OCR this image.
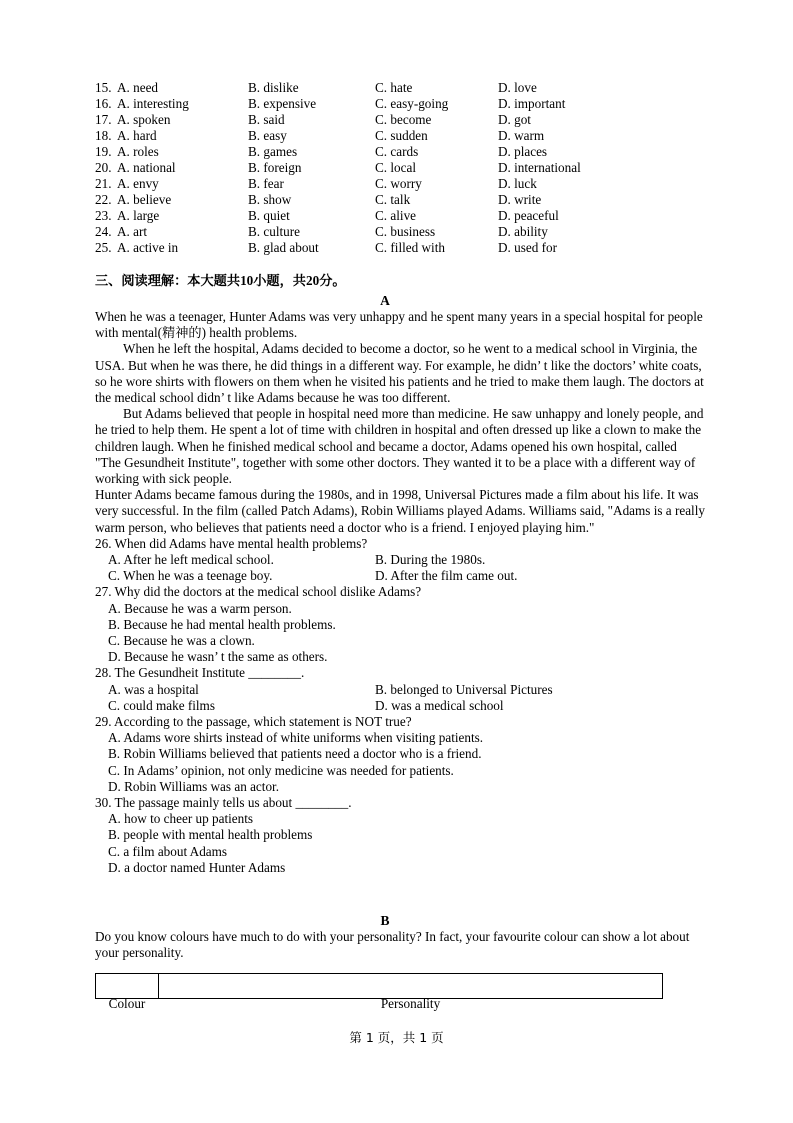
15. A. need	B. dislike	C. hate	D. love
16. A. interesting	B. expensive	C. easy-going	D. important
17. A. spoken	B. said	C. become	D. got
18. A. hard	B. easy	C. sudden	D. warm
19. A. roles	B. games	C. cards	D. places
20. A. national	B. foreign	C. local	D. international
21. A. envy	B. fear	C. worry	D. luck
22. A. believe	B. show	C. talk	D. write
23. A. large	B. quiet	C. alive	D. peaceful
24. A. art	B. culture	C. business	D. ability
25. A. active in	B. glad about	C. filled with	D. used for
三、阅读理解：本大题共10小题，共20分。
A

When he was a teenager, Hunter Adams was very unhappy and he spent many years in a special hospital for people with mental(精神的) health problems.

When he left the hospital, Adams decided to become a doctor, so he went to a medical school in Virginia, the USA. But when he was there, he did things in a different way. For example, he didn’ t like the doctors’ white coats, so he wore shirts with flowers on them when he visited his patients and he tried to make them laugh. The doctors at the medical school didn’ t like Adams because he was too different.

But Adams believed that people in hospital need more than medicine. He saw unhappy and lonely people, and he tried to help them. He spent a lot of time with children in hospital and often dressed up like a clown to make the children laugh. When he finished medical school and became a doctor, Adams opened his own hospital, called "The Gesundheit Institute", together with some other doctors. They wanted it to be a place with a different way of working with sick people.

Hunter Adams became famous during the 1980s, and in 1998, Universal Pictures made a film about his life. It was very successful. In the film (called Patch Adams), Robin Williams played Adams. Williams said, "Adams is a really warm person, who believes that patients need a doctor who is a friend. I enjoyed playing him."

26. When did Adams have mental health problems?

A. After he left medical school.	B. During the 1980s.
C. When he was a teenage boy.	D. After the film came out.

27. Why did the doctors at the medical school dislike Adams?

A. Because he was a warm person.

B. Because he had mental health problems.

C. Because he was a clown.

D. Because he wasn’ t the same as others.

28. The Gesundheit Institute ________.

A. was a hospital	B. belonged to Universal Pictures
C. could make films	D. was a medical school

29. According to the passage, which statement is NOT true?

A. Adams wore shirts instead of white uniforms when visiting patients.

B. Robin Williams believed that patients need a doctor who is a friend.

C. In Adams’ opinion, not only medicine was needed for patients.

D. Robin Williams was an actor.

30. The passage mainly tells us about ________.

A. how to cheer up patients

B. people with mental health problems

C. a film about Adams

D. a doctor named Hunter Adams

B

Do you know colours have much to do with your personality? In fact, your favourite colour can show a lot about your personality.

Colour	Personality
第 1 页，共 1 页
